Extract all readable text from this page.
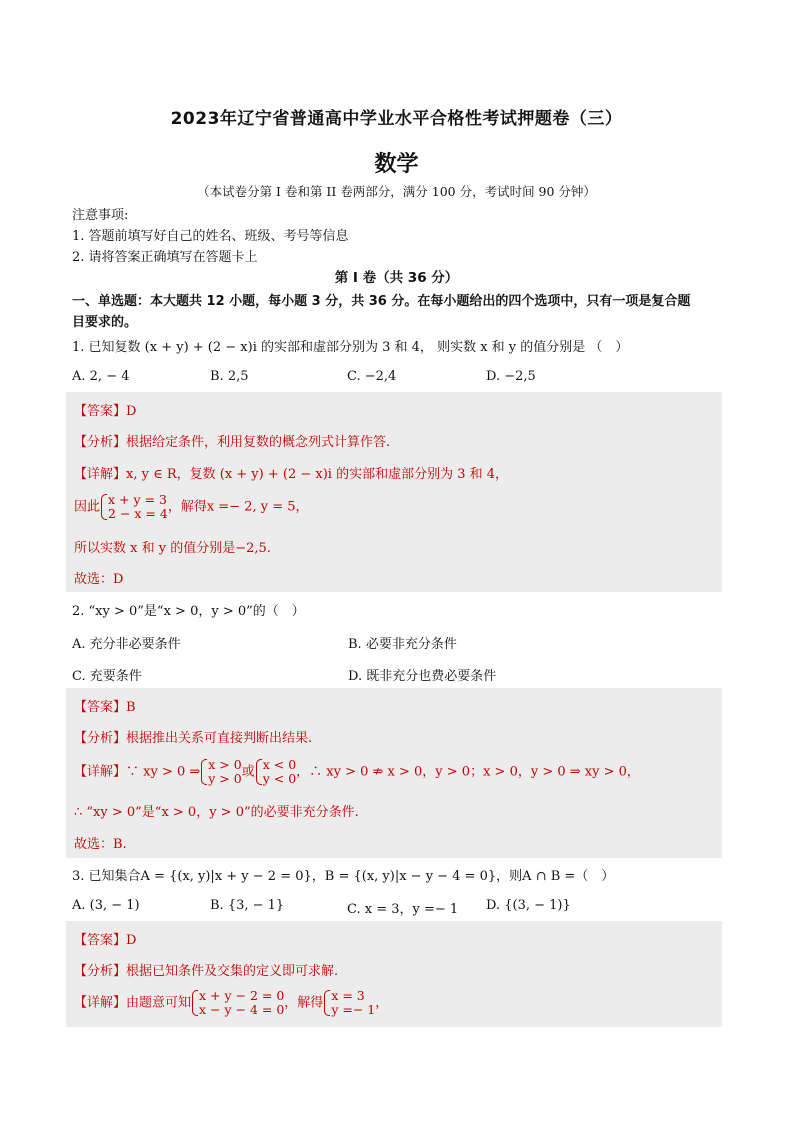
2023年辽宁省普通高中学业水平合格性考试押题卷（三）
数学
（本试卷分第 I 卷和第 II 卷两部分，满分 100 分，考试时间 90 分钟）
注意事项:
1. 答题前填写好自己的姓名、班级、考号等信息
2. 请将答案正确填写在答题卡上
第 I 卷（共 36 分）
一、单选题：本大题共 12 小题，每小题 3 分，共 36 分。在每小题给出的四个选项中，只有一项是复合题
目要求的。
1. 已知复数 (x + y) + (2 − x)i 的实部和虚部分别为 3 和 4， 则实数 x 和 y 的值分别是 （　）
A. 2, − 4	B. 2,5	C. −2,4	D. −2,5
【答案】D
【分析】根据给定条件，利用复数的概念列式计算作答.
【详解】x, y ∈ R，复数 (x + y) + (2 − x)i 的实部和虚部分别为 3 和 4，
因此 x + y = 3
2 − x = 4 ，解得x =− 2, y = 5，
所以实数 x 和 y 的值分别是−2,5.
故选：D
2. “xy > 0”是“x > 0，y > 0”的（　）
A. 充分非必要条件	B. 必要非充分条件
C. 充要条件	D. 既非充分也费必要条件
【答案】B
【分析】根据推出关系可直接判断出结果.
【详解】∵ xy > 0 ⇒ x > 0
y > 0 或 x < 0
y < 0 ，∴ xy > 0 ⇏ x > 0，y > 0；x > 0，y > 0 ⇒ xy > 0，
∴ “xy > 0”是“x > 0，y > 0”的必要非充分条件.
故选：B.
3. 已知集合A = {(x, y)|x + y − 2 = 0}，B = {(x, y)|x − y − 4 = 0}，则A ∩ B =（　）
A. (3, − 1)	B. {3, − 1}	C. x = 3，y =− 1 D. {(3, − 1)}
【答案】D
【分析】根据已知条件及交集的定义即可求解.
【详解】由题意可知 x + y − 2 = 0
x − y − 4 = 0 ，解得 x = 3
y =− 1 ，
